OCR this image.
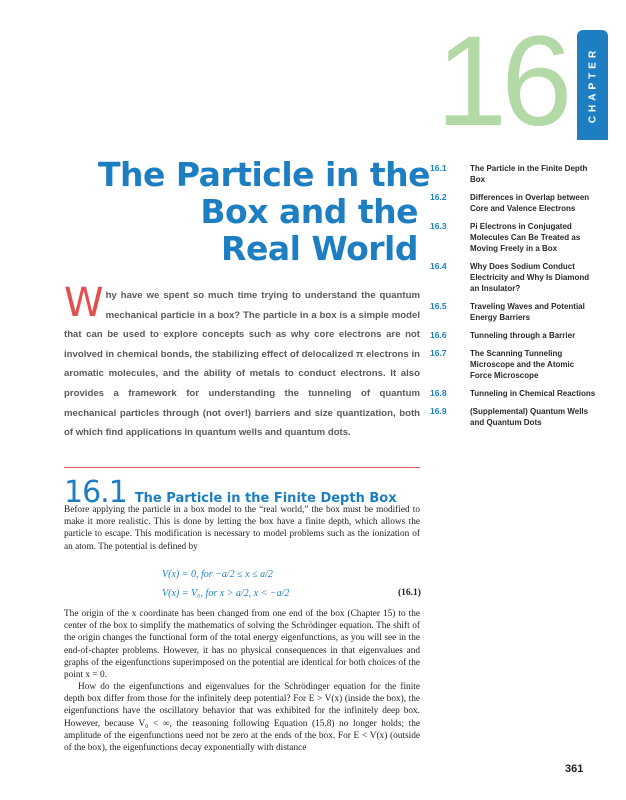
16 CHAPTER
The Particle in the
Box and the
Real World
Why have we spent so much time trying to understand the quantum mechanical particle in a box? The particle in a box is a simple model that can be used to explore concepts such as why core electrons are not involved in chemical bonds, the stabilizing effect of delocalized π electrons in aromatic molecules, and the ability of metals to conduct electrons. It also provides a framework for understanding the tunneling of quantum mechanical particles through (not over!) barriers and size quantization, both of which find applications in quantum wells and quantum dots.
16.1	The Particle in the Finite Depth Box
16.2	Differences in Overlap between Core and Valence Electrons
16.3	Pi Electrons in Conjugated Molecules Can Be Treated as Moving Freely in a Box
16.4	Why Does Sodium Conduct Electricity and Why Is Diamond an Insulator?
16.5	Traveling Waves and Potential Energy Barriers
16.6	Tunneling through a Barrier
16.7	The Scanning Tunneling Microscope and the Atomic Force Microscope
16.8	Tunneling in Chemical Reactions
16.9	(Supplemental) Quantum Wells and Quantum Dots
16.1 The Particle in the Finite Depth Box

Before applying the particle in a box model to the “real world,” the box must be modified to make it more realistic. This is done by letting the box have a finite depth, which allows the particle to escape. This modification is necessary to model problems such as the ionization of an atom. The potential is defined by

V(x) = 0, for −a/2 ≤ x ≤ a/2
V(x) = V₀, for x > a/2, x < −a/2	(16.1)

The origin of the x coordinate has been changed from one end of the box (Chapter 15) to the center of the box to simplify the mathematics of solving the Schrödinger equation. The shift of the origin changes the functional form of the total energy eigenfunctions, as you will see in the end-of-chapter problems. However, it has no physical consequences in that eigenvalues and graphs of the eigenfunctions superimposed on the potential are identical for both choices of the point x = 0.

How do the eigenfunctions and eigenvalues for the Schrödinger equation for the finite depth box differ from those for the infinitely deep potential? For E > V(x) (inside the box), the eigenfunctions have the oscillatory behavior that was exhibited for the infinitely deep box. However, because V₀ < ∞, the reasoning following Equation (15.8) no longer holds; the amplitude of the eigenfunctions need not be zero at the ends of the box. For E < V(x) (outside of the box), the eigenfunctions decay exponentially with distance

361
